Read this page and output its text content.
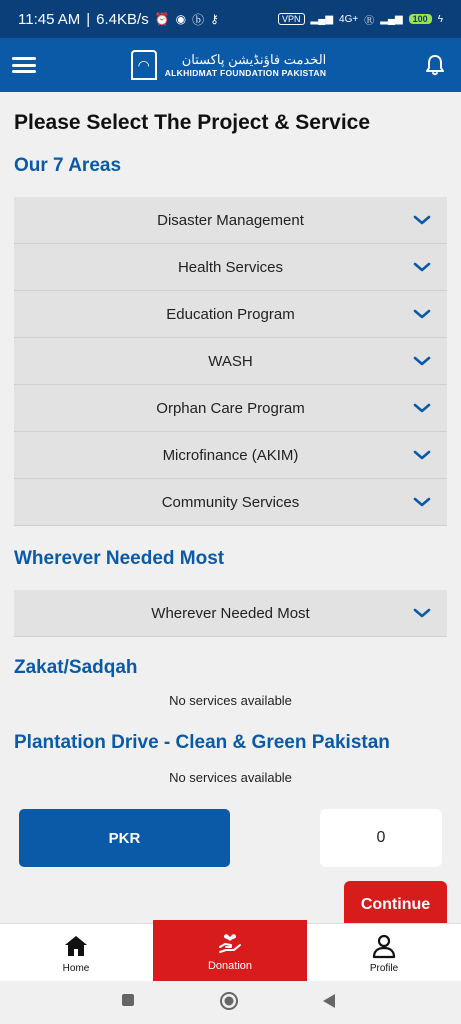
11:45 AM | 6.4KB/s ⏰ ◉ ⓑ ⚷	VPN	▂▄▆ 4G+ Ⓡ ▂▄▆	100	ϟ
◠	الخدمت فاؤنڈیشن پاکستان
ALKHIDMAT FOUNDATION PAKISTAN
Please Select The Project & Service
Our 7 Areas
Disaster Management
Health Services
Education Program
WASH
Orphan Care Program
Microfinance (AKIM)
Community Services
Wherever Needed Most
Wherever Needed Most
Zakat/Sadqah
No services available
Plantation Drive - Clean & Green Pakistan
No services available
PKR	0
Continue
Home	Donation	Profile
